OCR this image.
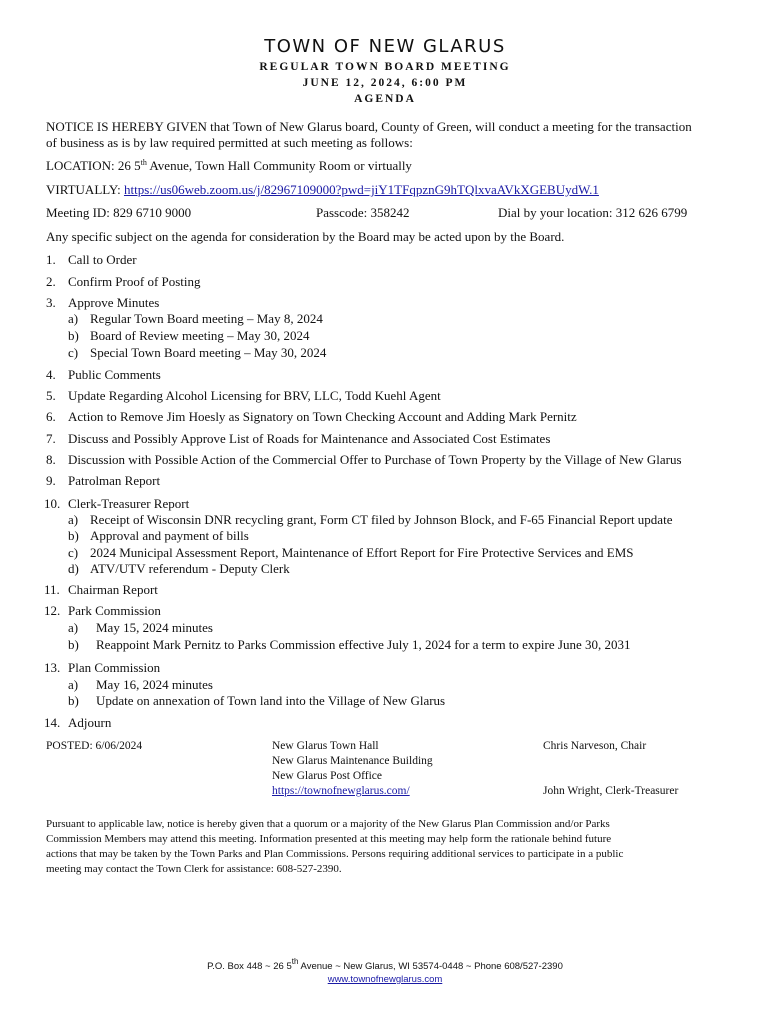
TOWN OF NEW GLARUS
REGULAR TOWN BOARD MEETING
JUNE 12, 2024, 6:00 PM
AGENDA
NOTICE IS HEREBY GIVEN that Town of New Glarus board, County of Green, will conduct a meeting for the transaction
of business as is by law required permitted at such meeting as follows:
LOCATION: 26 5th Avenue, Town Hall Community Room or virtually
VIRTUALLY: https://us06web.zoom.us/j/82967109000?pwd=jiY1TFqpznG9hTQlxvaAVkXGEBUydW.1
Meeting ID: 829 6710 9000	Passcode: 358242	Dial by your location: 312 626 6799
Any specific subject on the agenda for consideration by the Board may be acted upon by the Board.
1. Call to Order
2. Confirm Proof of Posting
3. Approve Minutes
a) Regular Town Board meeting – May 8, 2024
b) Board of Review meeting – May 30, 2024
c) Special Town Board meeting – May 30, 2024
4. Public Comments
5. Update Regarding Alcohol Licensing for BRV, LLC, Todd Kuehl Agent
6. Action to Remove Jim Hoesly as Signatory on Town Checking Account and Adding Mark Pernitz
7. Discuss and Possibly Approve List of Roads for Maintenance and Associated Cost Estimates
8. Discussion with Possible Action of the Commercial Offer to Purchase of Town Property by the Village of New Glarus
9. Patrolman Report
10. Clerk-Treasurer Report
a) Receipt of Wisconsin DNR recycling grant, Form CT filed by Johnson Block, and F-65 Financial Report update
b) Approval and payment of bills
c) 2024 Municipal Assessment Report, Maintenance of Effort Report for Fire Protective Services and EMS
d) ATV/UTV referendum - Deputy Clerk
11. Chairman Report
12. Park Commission
a)	May 15, 2024 minutes
b)	Reappoint Mark Pernitz to Parks Commission effective July 1, 2024 for a term to expire June 30, 2031
13. Plan Commission
a)	May 16, 2024 minutes
b)	Update on annexation of Town land into the Village of New Glarus
14. Adjourn
POSTED: 6/06/2024	New Glarus Town Hall
New Glarus Maintenance Building
New Glarus Post Office
https://townofnewglarus.com/
Chris Narveson, Chair
John Wright, Clerk-Treasurer
Pursuant to applicable law, notice is hereby given that a quorum or a majority of the New Glarus Plan Commission and/or Parks
Commission Members may attend this meeting. Information presented at this meeting may help form the rationale behind future
actions that may be taken by the Town Parks and Plan Commissions. Persons requiring additional services to participate in a public
meeting may contact the Town Clerk for assistance: 608-527-2390.
P.O. Box 448 ~ 26 5th Avenue ~ New Glarus, WI 53574-0448 ~ Phone 608/527-2390
www.townofnewglarus.com
